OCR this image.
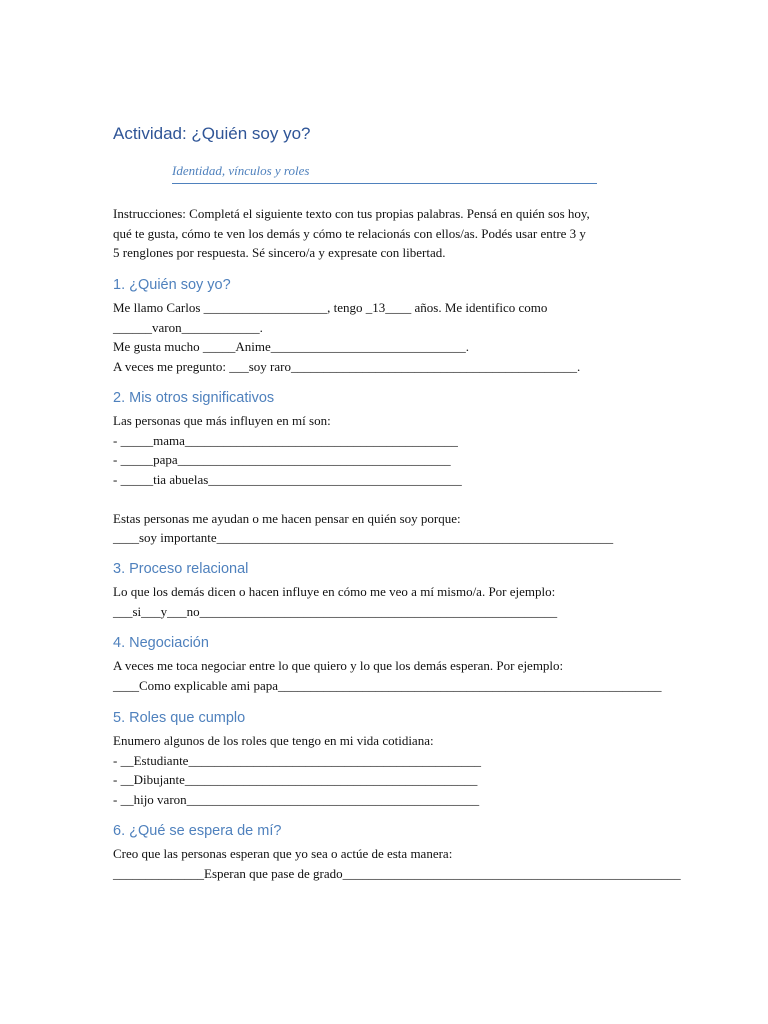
Actividad: ¿Quién soy yo?
Identidad, vínculos y roles
Instrucciones: Completá el siguiente texto con tus propias palabras. Pensá en quién sos hoy,
qué te gusta, cómo te ven los demás y cómo te relacionás con ellos/as. Podés usar entre 3 y
5 renglones por respuesta. Sé sincero/a y expresate con libertad.
1. ¿Quién soy yo?
Me llamo Carlos ___________________, tengo _13____ años. Me identifico como
______varon____________.
Me gusta mucho _____Anime______________________________.
A veces me pregunto: ___soy raro____________________________________________.
2. Mis otros significativos
Las personas que más influyen en mí son:
- _____mama__________________________________________
- _____papa__________________________________________
- _____tia abuelas_______________________________________
Estas personas me ayudan o me hacen pensar en quién soy porque:
____soy importante_____________________________________________________________
3. Proceso relacional
Lo que los demás dicen o hacen influye en cómo me veo a mí mismo/a. Por ejemplo:
___si___y___no_______________________________________________________
4. Negociación
A veces me toca negociar entre lo que quiero y lo que los demás esperan. Por ejemplo:
____Como explicable ami papa___________________________________________________________
5. Roles que cumplo
Enumero algunos de los roles que tengo en mi vida cotidiana:
- __Estudiante_____________________________________________
- __Dibujante_____________________________________________
- __hijo varon_____________________________________________
6. ¿Qué se espera de mí?
Creo que las personas esperan que yo sea o actúe de esta manera:
______________Esperan que pase de grado____________________________________________________
